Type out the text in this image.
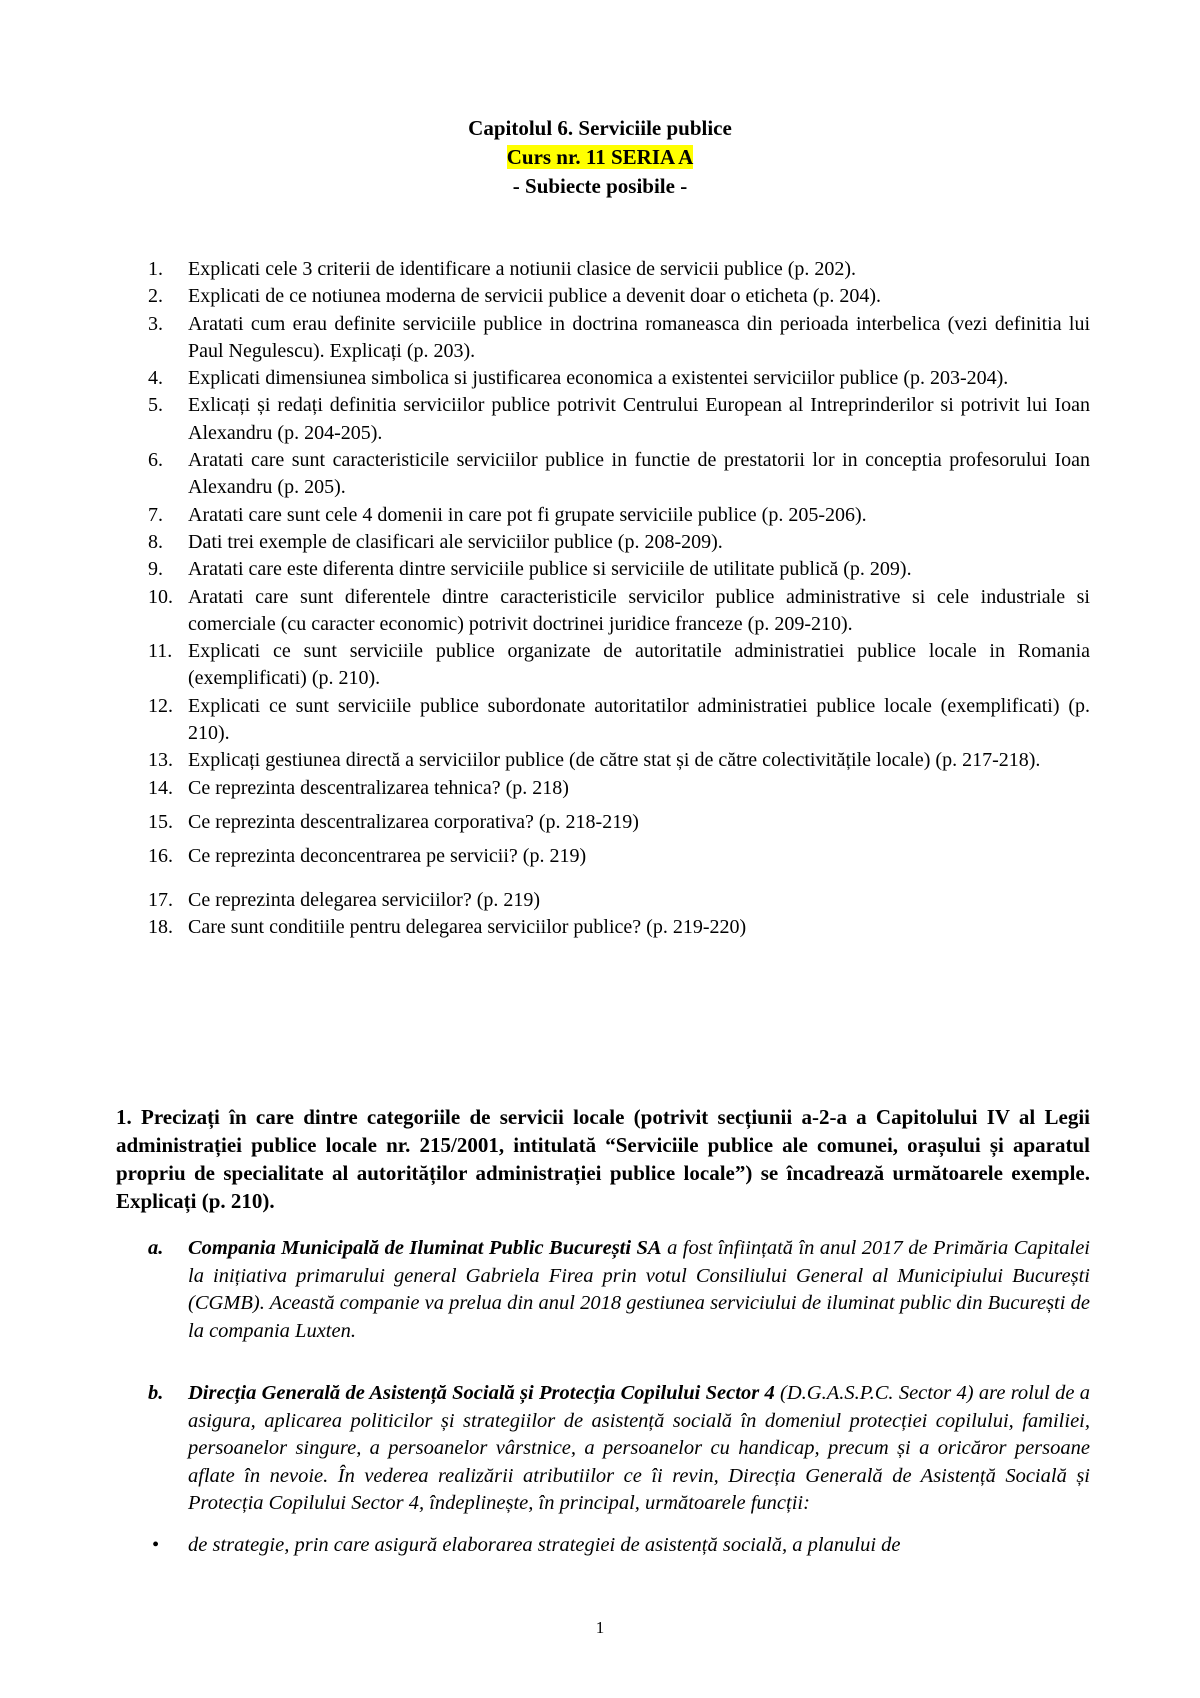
Capitolul 6. Serviciile publice
Curs nr. 11 SERIA A
- Subiecte posibile -
1.	Explicati cele 3 criterii de identificare a notiunii clasice de servicii publice (p. 202).
2.	Explicati de ce notiunea moderna de servicii publice a devenit doar o eticheta (p. 204).
3.	Aratati cum erau definite serviciile publice in doctrina romaneasca din perioada interbelica (vezi definitia lui Paul Negulescu). Explicați (p. 203).
4.	Explicati dimensiunea simbolica si justificarea economica a existentei serviciilor publice (p. 203-204).
5.	Exlicați și redați definitia serviciilor publice potrivit Centrului European al Intreprinderilor si potrivit lui Ioan Alexandru (p. 204-205).
6.	Aratati care sunt caracteristicile serviciilor publice in functie de prestatorii lor in conceptia profesorului Ioan Alexandru (p. 205).
7.	Aratati care sunt cele 4 domenii in care pot fi grupate serviciile publice (p. 205-206).
8.	Dati trei exemple de clasificari ale serviciilor publice (p. 208-209).
9.	Aratati care este diferenta dintre serviciile publice si serviciile de utilitate publică (p. 209).
10. Aratati care sunt diferentele dintre caracteristicile servicilor publice administrative si cele industriale si comerciale (cu caracter economic) potrivit doctrinei juridice franceze (p. 209-210).
11. Explicati ce sunt serviciile publice organizate de autoritatile administratiei publice locale in Romania (exemplificati) (p. 210).
12. Explicati ce sunt serviciile publice subordonate autoritatilor administratiei publice locale (exemplificati) (p. 210).
13. Explicați gestiunea directă a serviciilor publice (de către stat și de către colectivitățile locale) (p. 217-218).
14. Ce reprezinta descentralizarea tehnica? (p. 218)
15. Ce reprezinta descentralizarea corporativa? (p. 218-219)
16. Ce reprezinta deconcentrarea pe servicii? (p. 219)
17. Ce reprezinta delegarea serviciilor? (p. 219)
18. Care sunt conditiile pentru delegarea serviciilor publice? (p. 219-220)

1. Precizați în care dintre categoriile de servicii locale (potrivit secțiunii a-2-a a Capitolului IV al Legii administrației publice locale nr. 215/2001, intitulată “Serviciile publice ale comunei, orașului și aparatul propriu de specialitate al autorităților administrației publice locale”) se încadrează următoarele exemple. Explicați (p. 210).

a. Compania Municipală de Iluminat Public București SA a fost înființată în anul 2017 de Primăria Capitalei la inițiativa primarului general Gabriela Firea prin votul Consiliului General al Municipiului București (CGMB). Această companie va prelua din anul 2018 gestiunea serviciului de iluminat public din București de la compania Luxten.

b. Direcția Generală de Asistență Socială și Protecția Copilului Sector 4 (D.G.A.S.P.C. Sector 4) are rolul de a asigura, aplicarea politicilor și strategiilor de asistență socială în domeniul protecției copilului, familiei, persoanelor singure, a persoanelor vârstnice, a persoanelor cu handicap, precum și a oricăror persoane aflate în nevoie. În vederea realizării atributiilor ce îi revin, Direcția Generală de Asistență Socială și Protecția Copilului Sector 4, îndeplinește, în principal, următoarele funcții:

• de strategie, prin care asigură elaborarea strategiei de asistență socială, a planului de

1
